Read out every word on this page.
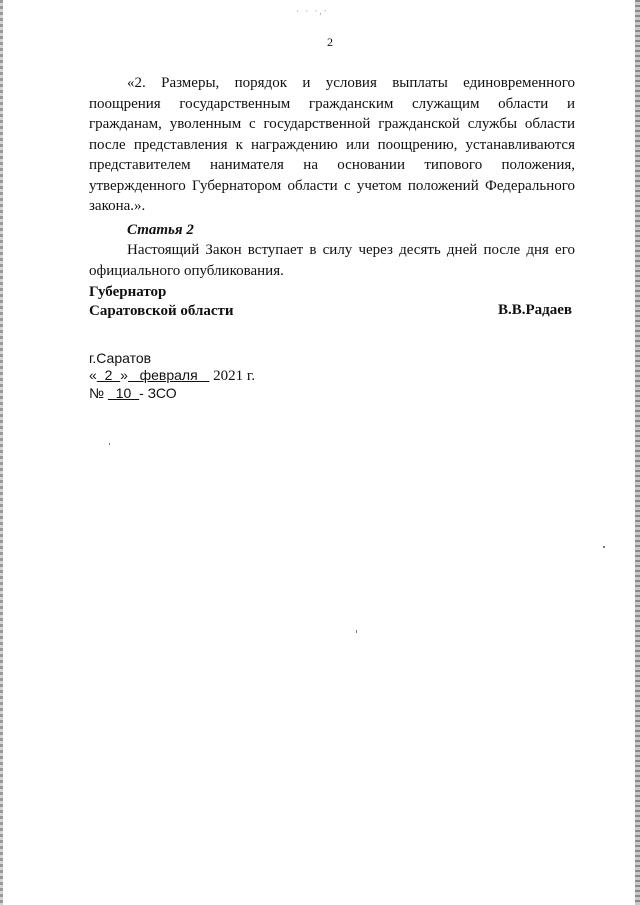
· · ·,·
2

«2. Размеры, порядок и условия выплаты единовременного поощрения государственным гражданским служащим области и гражданам, уволенным с государственной гражданской службы области после представления к награждению или поощрению, устанавливаются представителем нанимателя на основании типового положения, утвержденного Губернатором области с учетом положений Федерального закона.».

Статья 2

Настоящий Закон вступает в силу через десять дней после дня его официального опубликования.

Губернатор
Саратовской области	В.В.Радаев
г.Саратов
«  2  »   февраля    2021 г.
№   10  - ЗСО
